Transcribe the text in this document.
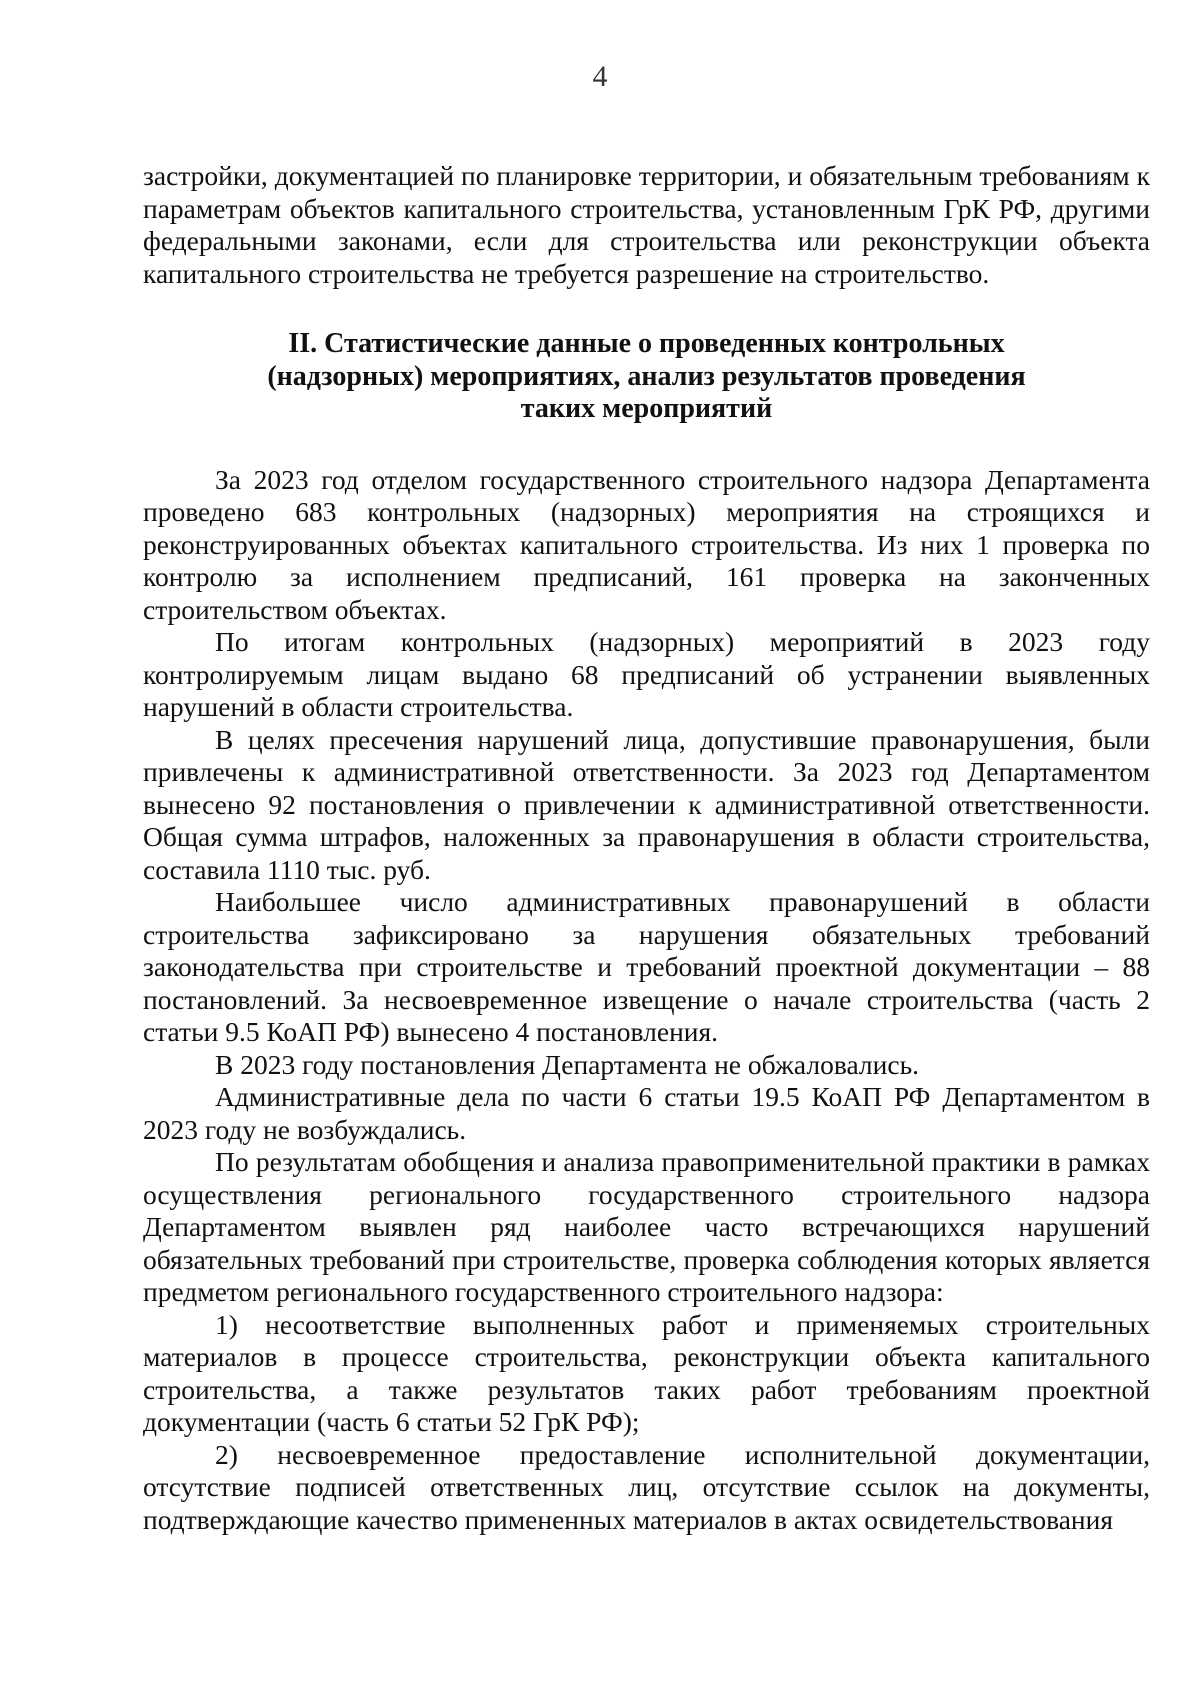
4

застройки, документацией по планировке территории, и обязательным требованиям к параметрам объектов капитального строительства, установленным ГрК РФ, другими федеральными законами, если для строительства или реконструкции объекта капитального строительства не требуется разрешение на строительство.

II. Статистические данные о проведенных контрольных
(надзорных) мероприятиях, анализ результатов проведения
таких мероприятий

За 2023 год отделом государственного строительного надзора Департамента проведено 683 контрольных (надзорных) мероприятия на строящихся и реконструированных объектах капитального строительства. Из них 1 проверка по контролю за исполнением предписаний, 161 проверка на законченных строительством объектах.

По итогам контрольных (надзорных) мероприятий в 2023 году контролируемым лицам выдано 68 предписаний об устранении выявленных нарушений в области строительства.

В целях пресечения нарушений лица, допустившие правонарушения, были привлечены к административной ответственности. За 2023 год Департаментом вынесено 92 постановления о привлечении к административной ответственности. Общая сумма штрафов, наложенных за правонарушения в области строительства, составила 1110 тыс. руб.

Наибольшее число административных правонарушений в области строительства зафиксировано за нарушения обязательных требований законодательства при строительстве и требований проектной документации – 88 постановлений. За несвоевременное извещение о начале строительства (часть 2 статьи 9.5 КоАП РФ) вынесено 4 постановления.

В 2023 году постановления Департамента не обжаловались.

Административные дела по части 6 статьи 19.5 КоАП РФ Департаментом в 2023 году не возбуждались.

По результатам обобщения и анализа правоприменительной практики в рамках осуществления регионального государственного строительного надзора Департаментом выявлен ряд наиболее часто встречающихся нарушений обязательных требований при строительстве, проверка соблюдения которых является предметом регионального государственного строительного надзора:

1) несоответствие выполненных работ и применяемых строительных материалов в процессе строительства, реконструкции объекта капитального строительства, а также результатов таких работ требованиям проектной документации (часть 6 статьи 52 ГрК РФ);

2) несвоевременное предоставление исполнительной документации, отсутствие подписей ответственных лиц, отсутствие ссылок на документы, подтверждающие качество примененных материалов в актах освидетельствования
